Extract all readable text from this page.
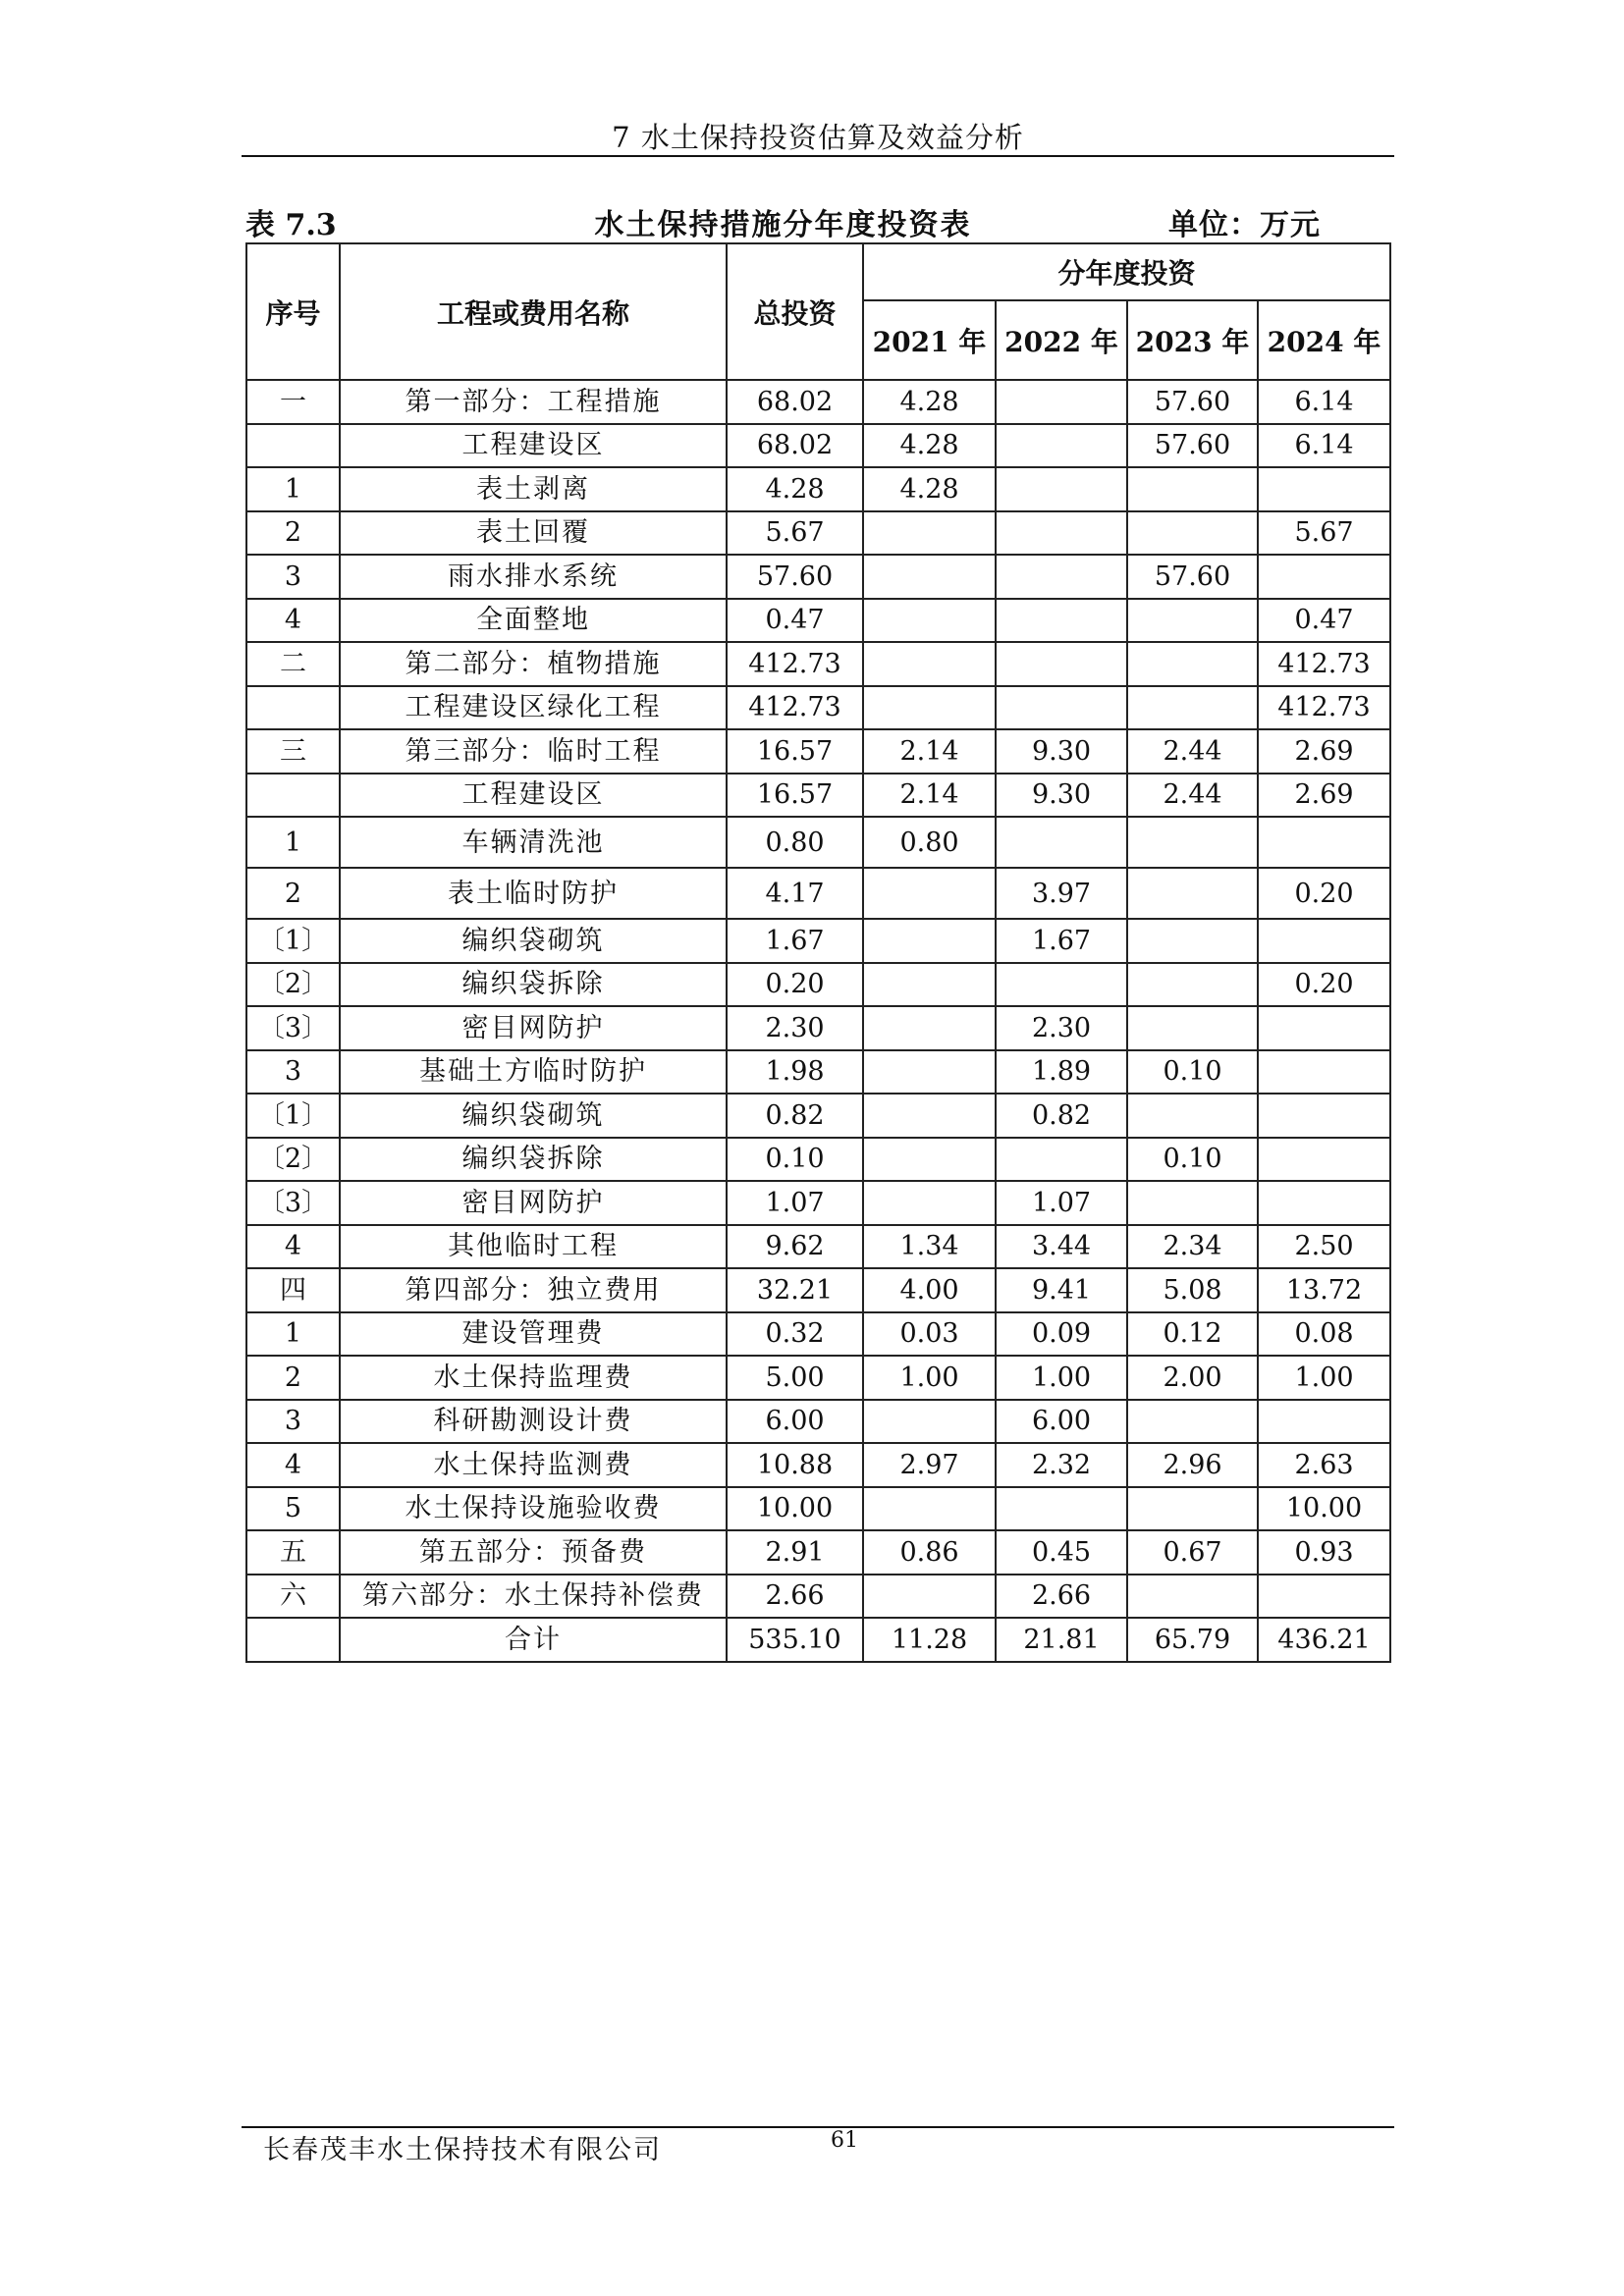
7 水土保持投资估算及效益分析
表 7.3	水土保持措施分年度投资表	单位：万元
序号	工程或费用名称	总投资	分年度投资			
			2021 年	2022 年	2023 年	2024 年
一	第一部分：工程措施	68.02	4.28		57.60	6.14
	工程建设区	68.02	4.28		57.60	6.14
1	表土剥离	4.28	4.28			
2	表土回覆	5.67				5.67
3	雨水排水系统	57.60			57.60	
4	全面整地	0.47				0.47
二	第二部分：植物措施	412.73				412.73
	工程建设区绿化工程	412.73				412.73
三	第三部分：临时工程	16.57	2.14	9.30	2.44	2.69
	工程建设区	16.57	2.14	9.30	2.44	2.69
1	车辆清洗池	0.80	0.80			
2	表土临时防护	4.17		3.97		0.20
〔1〕	编织袋砌筑	1.67		1.67		
〔2〕	编织袋拆除	0.20				0.20
〔3〕	密目网防护	2.30		2.30		
3	基础土方临时防护	1.98		1.89	0.10	
〔1〕	编织袋砌筑	0.82		0.82		
〔2〕	编织袋拆除	0.10			0.10	
〔3〕	密目网防护	1.07		1.07		
4	其他临时工程	9.62	1.34	3.44	2.34	2.50
四	第四部分：独立费用	32.21	4.00	9.41	5.08	13.72
1	建设管理费	0.32	0.03	0.09	0.12	0.08
2	水土保持监理费	5.00	1.00	1.00	2.00	1.00
3	科研勘测设计费	6.00		6.00		
4	水土保持监测费	10.88	2.97	2.32	2.96	2.63
5	水土保持设施验收费	10.00				10.00
五	第五部分：预备费	2.91	0.86	0.45	0.67	0.93
六	第六部分：水土保持补偿费	2.66		2.66		
	合计	535.10	11.28	21.81	65.79	436.21
长春茂丰水土保持技术有限公司	61
